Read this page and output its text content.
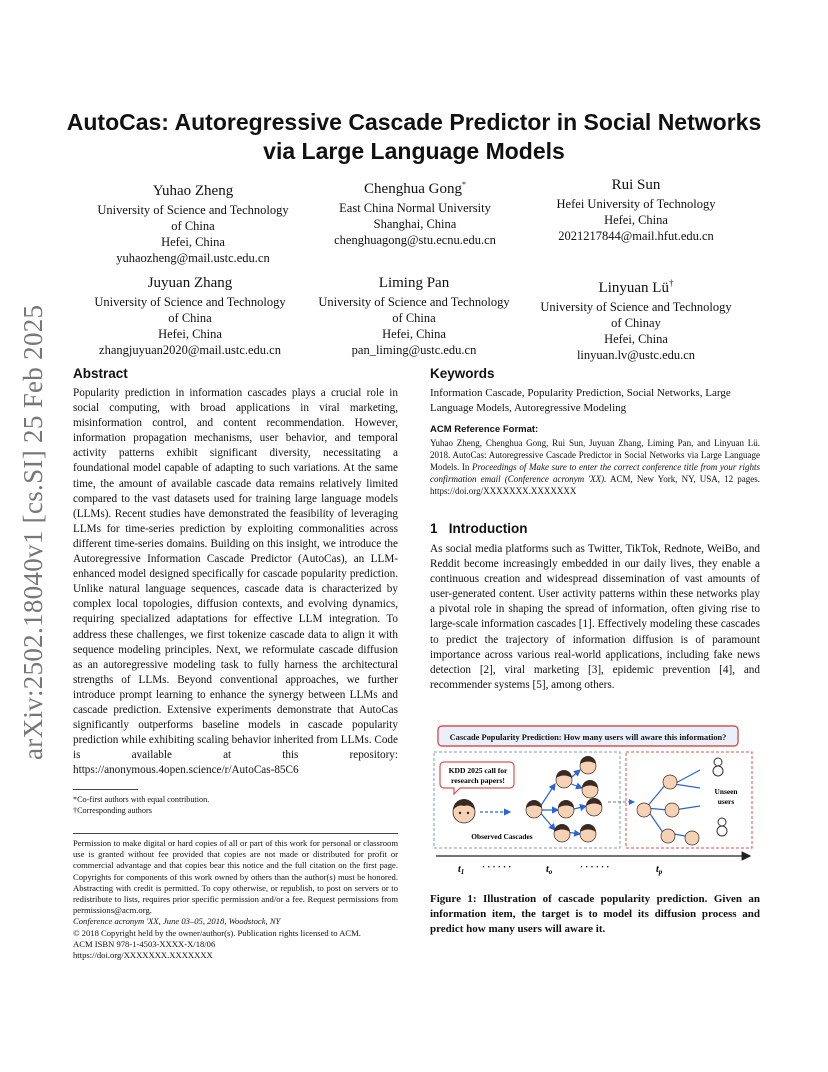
arXiv:2502.18040v1 [cs.SI] 25 Feb 2025
AutoCas: Autoregressive Cascade Predictor in Social Networks via Large Language Models
Yuhao Zheng
University of Science and Technology
of China
Hefei, China
yuhaozheng@mail.ustc.edu.cn
Chenghua Gong*
East China Normal University
Shanghai, China
chenghuagong@stu.ecnu.edu.cn
Rui Sun
Hefei University of Technology
Hefei, China
2021217844@mail.hfut.edu.cn
Juyuan Zhang
University of Science and Technology
of China
Hefei, China
zhangjuyuan2020@mail.ustc.edu.cn
Liming Pan
University of Science and Technology
of China
Hefei, China
pan_liming@ustc.edu.cn
Linyuan Lü†
University of Science and Technology
of Chinay
Hefei, China
linyuan.lv@ustc.edu.cn
Abstract
Popularity prediction in information cascades plays a crucial role in social computing, with broad applications in viral marketing, misinformation control, and content recommendation. However, information propagation mechanisms, user behavior, and temporal activity patterns exhibit significant diversity, necessitating a foundational model capable of adapting to such variations. At the same time, the amount of available cascade data remains relatively limited compared to the vast datasets used for training large language models (LLMs). Recent studies have demonstrated the feasibility of leveraging LLMs for time-series prediction by exploiting commonalities across different time-series domains. Building on this insight, we introduce the Autoregressive Information Cascade Predictor (AutoCas), an LLM-enhanced model designed specifically for cascade popularity prediction. Unlike natural language sequences, cascade data is characterized by complex local topologies, diffusion contexts, and evolving dynamics, requiring specialized adaptations for effective LLM integration. To address these challenges, we first tokenize cascade data to align it with sequence modeling principles. Next, we reformulate cascade diffusion as an autoregressive modeling task to fully harness the architectural strengths of LLMs. Beyond conventional approaches, we further introduce prompt learning to enhance the synergy between LLMs and cascade prediction. Extensive experiments demonstrate that AutoCas significantly outperforms baseline models in cascade popularity prediction while exhibiting scaling behavior inherited from LLMs. Code is available at this repository: https://anonymous.4open.science/r/AutoCas-85C6
*Co-first authors with equal contribution.
†Corresponding authors
Permission to make digital or hard copies of all or part of this work for personal or classroom use is granted without fee provided that copies are not made or distributed for profit or commercial advantage and that copies bear this notice and the full citation on the first page. Copyrights for components of this work owned by others than the author(s) must be honored. Abstracting with credit is permitted. To copy otherwise, or republish, to post on servers or to redistribute to lists, requires prior specific permission and/or a fee. Request permissions from permissions@acm.org.
Conference acronym 'XX, June 03–05, 2018, Woodstock, NY
© 2018 Copyright held by the owner/author(s). Publication rights licensed to ACM.
ACM ISBN 978-1-4503-XXXX-X/18/06
https://doi.org/XXXXXXX.XXXXXXX
Keywords
Information Cascade, Popularity Prediction, Social Networks, Large Language Models, Autoregressive Modeling
ACM Reference Format:
Yuhao Zheng, Chenghua Gong, Rui Sun, Juyuan Zhang, Liming Pan, and Linyuan Lü. 2018. AutoCas: Autoregressive Cascade Predictor in Social Networks via Large Language Models. In Proceedings of Make sure to enter the correct conference title from your rights confirmation email (Conference acronym 'XX). ACM, New York, NY, USA, 12 pages. https://doi.org/XXXXXXX.XXXXXXX
1 Introduction
As social media platforms such as Twitter, TikTok, Rednote, WeiBo, and Reddit become increasingly embedded in our daily lives, they enable a continuous creation and widespread dissemination of vast amounts of user-generated content. User activity patterns within these networks play a pivotal role in shaping the spread of information, often giving rise to large-scale information cascades [1]. Effectively modeling these cascades to predict the trajectory of information diffusion is of paramount importance across various real-world applications, including fake news detection [2], viral marketing [3], epidemic prevention [4], and recommender systems [5], among others.
Cascade Popularity Prediction: How many users will aware this information?
KDD 2025 call for
research papers!
Observed Cascades
Unseen
users
$t_1$ · · · · · ·	$t_o$	· · · · · ·	$t_p$
Figure 1: Illustration of cascade popularity prediction. Given an information item, the target is to model its diffusion process and predict how many users will aware it.
